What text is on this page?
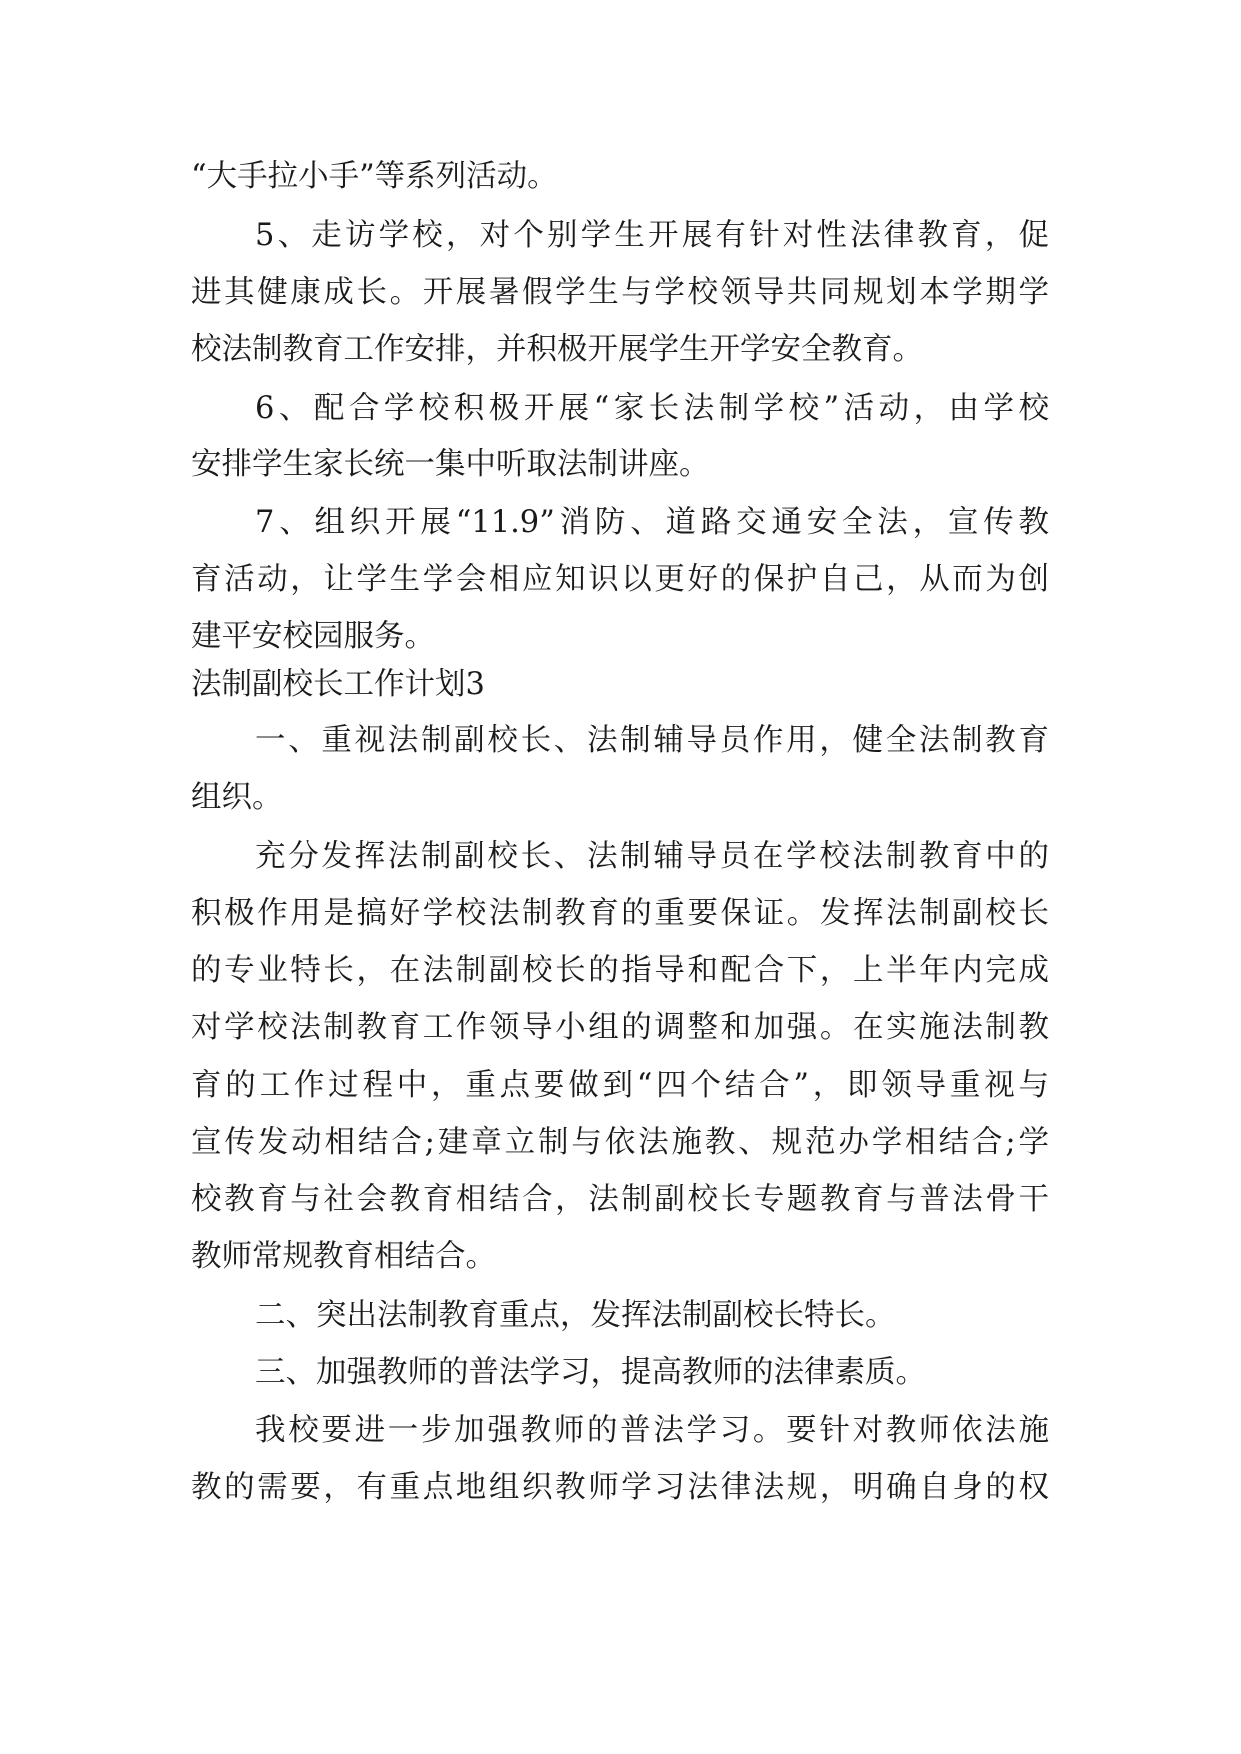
“大手拉小手”等系列活动。
5、走访学校，对个别学生开展有针对性法律教育，促
进其健康成长。开展暑假学生与学校领导共同规划本学期学
校法制教育工作安排，并积极开展学生开学安全教育。
6、配合学校积极开展“家长法制学校”活动，由学校
安排学生家长统一集中听取法制讲座。
7、组织开展“11.9”消防、道路交通安全法，宣传教
育活动，让学生学会相应知识以更好的保护自己，从而为创
建平安校园服务。
法制副校长工作计划3
一、重视法制副校长、法制辅导员作用，健全法制教育
组织。
充分发挥法制副校长、法制辅导员在学校法制教育中的
积极作用是搞好学校法制教育的重要保证。发挥法制副校长
的专业特长，在法制副校长的指导和配合下，上半年内完成
对学校法制教育工作领导小组的调整和加强。在实施法制教
育的工作过程中，重点要做到“四个结合”，即领导重视与
宣传发动相结合;建章立制与依法施教、规范办学相结合;学
校教育与社会教育相结合，法制副校长专题教育与普法骨干
教师常规教育相结合。
二、突出法制教育重点，发挥法制副校长特长。
三、加强教师的普法学习，提高教师的法律素质。
我校要进一步加强教师的普法学习。要针对教师依法施
教的需要，有重点地组织教师学习法律法规，明确自身的权
